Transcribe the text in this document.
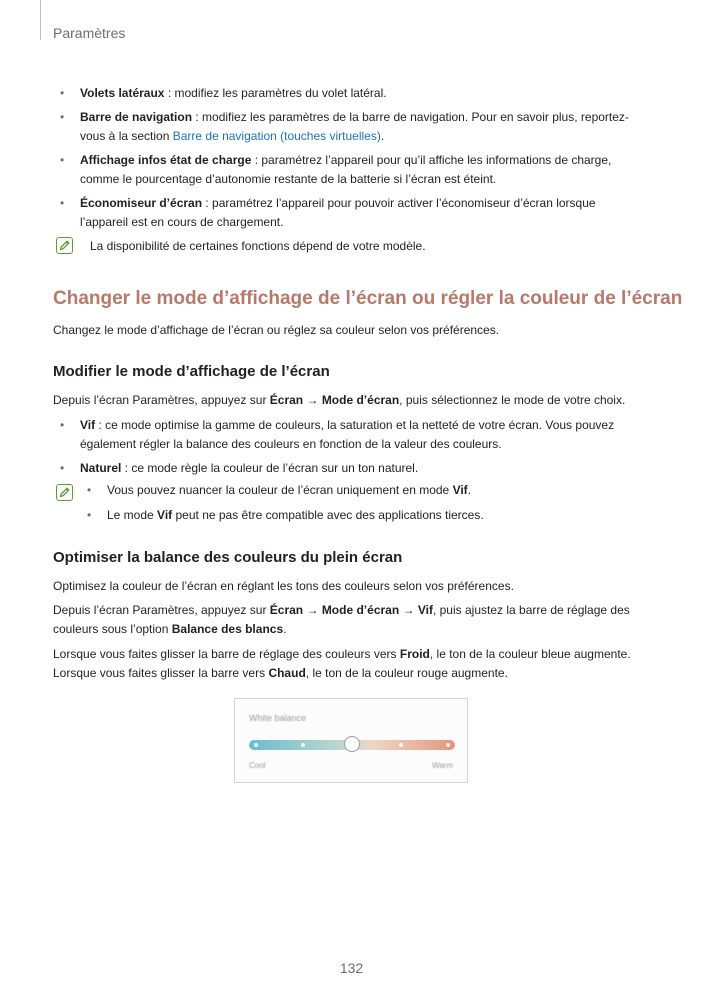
Paramètres
• Volets latéraux : modifiez les paramètres du volet latéral.
• Barre de navigation : modifiez les paramètres de la barre de navigation. Pour en savoir plus, reportez-vous à la section Barre de navigation (touches virtuelles).
• Affichage infos état de charge : paramétrez l’appareil pour qu’il affiche les informations de charge, comme le pourcentage d’autonomie restante de la batterie si l’écran est éteint.
• Économiseur d’écran : paramétrez l’appareil pour pouvoir activer l’économiseur d’écran lorsque l’appareil est en cours de chargement.
La disponibilité de certaines fonctions dépend de votre modèle.
Changer le mode d’affichage de l’écran ou régler la couleur de l’écran

Changez le mode d’affichage de l’écran ou réglez sa couleur selon vos préférences.

Modifier le mode d’affichage de l’écran

Depuis l’écran Paramètres, appuyez sur Écran → Mode d’écran, puis sélectionnez le mode de votre choix.

• Vif : ce mode optimise la gamme de couleurs, la saturation et la netteté de votre écran. Vous pouvez également régler la balance des couleurs en fonction de la valeur des couleurs.
• Naturel : ce mode règle la couleur de l’écran sur un ton naturel.
• Vous pouvez nuancer la couleur de l’écran uniquement en mode Vif.
• Le mode Vif peut ne pas être compatible avec des applications tierces.
Optimiser la balance des couleurs du plein écran

Optimisez la couleur de l’écran en réglant les tons des couleurs selon vos préférences.

Depuis l’écran Paramètres, appuyez sur Écran → Mode d’écran → Vif, puis ajustez la barre de réglage des couleurs sous l’option Balance des blancs.

Lorsque vous faites glisser la barre de réglage des couleurs vers Froid, le ton de la couleur bleue augmente. Lorsque vous faites glisser la barre vers Chaud, le ton de la couleur rouge augmente.

White balance
Cool	Warm
132
